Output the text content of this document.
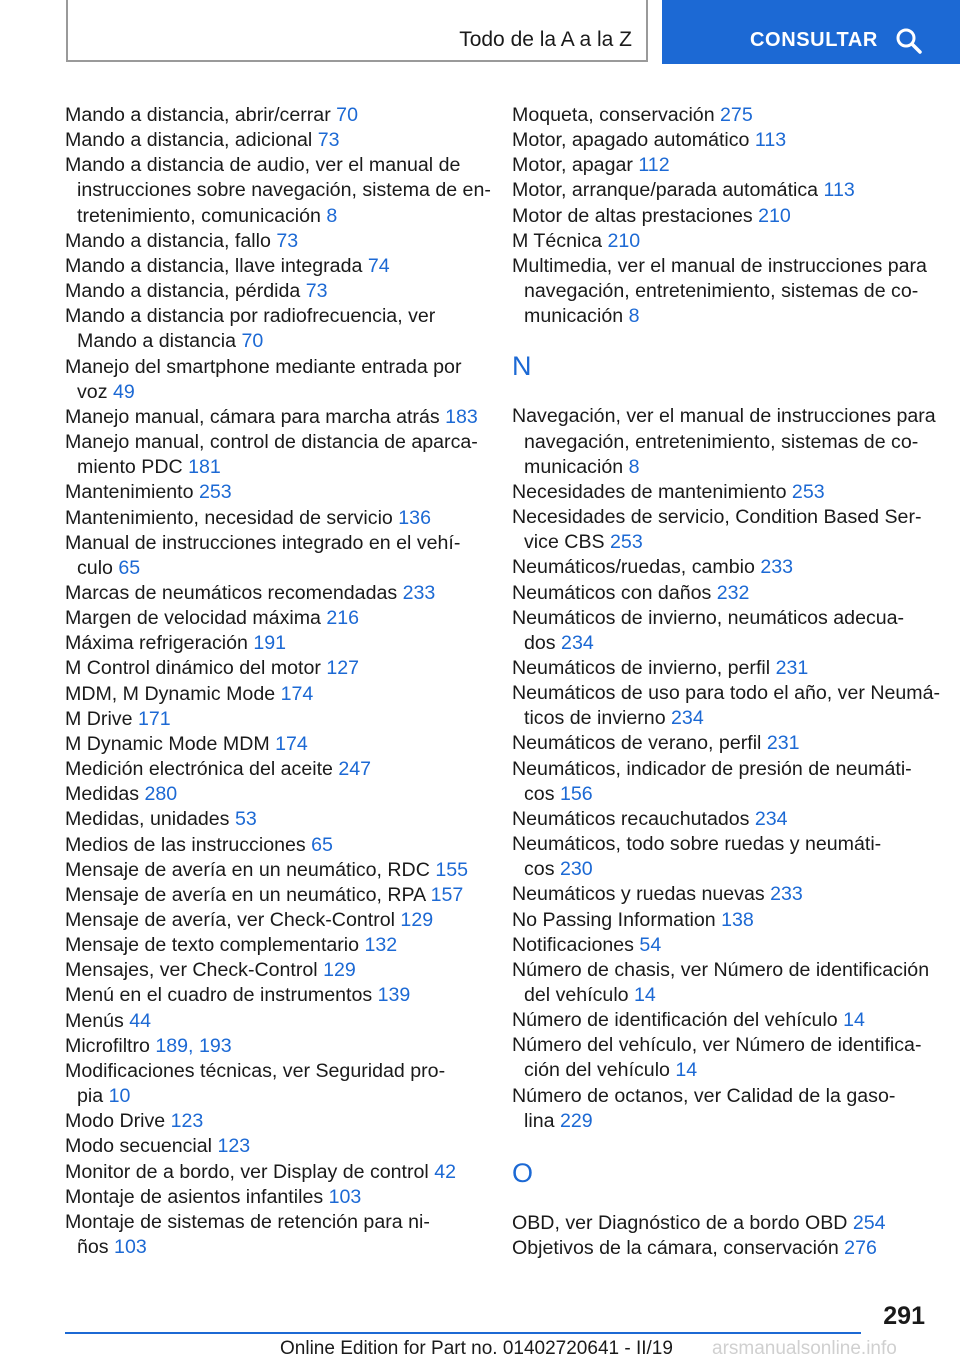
Todo de la A a la Z	CONSULTAR
Mando a distancia, abrir/cerrar 70
Mando a distancia, adicional 73
Mando a distancia de audio, ver el manual de
instrucciones sobre navegación, sistema de en-
tretenimiento, comunicación 8
Mando a distancia, fallo 73
Mando a distancia, llave integrada 74
Mando a distancia, pérdida 73
Mando a distancia por radiofrecuencia, ver
Mando a distancia 70
Manejo del smartphone mediante entrada por
voz 49
Manejo manual, cámara para marcha atrás 183
Manejo manual, control de distancia de aparca-
miento PDC 181
Mantenimiento 253
Mantenimiento, necesidad de servicio 136
Manual de instrucciones integrado en el vehí-
culo 65
Marcas de neumáticos recomendadas 233
Margen de velocidad máxima 216
Máxima refrigeración 191
M Control dinámico del motor 127
MDM, M Dynamic Mode 174
M Drive 171
M Dynamic Mode MDM 174
Medición electrónica del aceite 247
Medidas 280
Medidas, unidades 53
Medios de las instrucciones 65
Mensaje de avería en un neumático, RDC 155
Mensaje de avería en un neumático, RPA 157
Mensaje de avería, ver Check-Control 129
Mensaje de texto complementario 132
Mensajes, ver Check-Control 129
Menú en el cuadro de instrumentos 139
Menús 44
Microfiltro 189, 193
Modificaciones técnicas, ver Seguridad pro-
pia 10
Modo Drive 123
Modo secuencial 123
Monitor de a bordo, ver Display de control 42
Montaje de asientos infantiles 103
Montaje de sistemas de retención para ni-
ños 103
Moqueta, conservación 275
Motor, apagado automático 113
Motor, apagar 112
Motor, arranque/parada automática 113
Motor de altas prestaciones 210
M Técnica 210
Multimedia, ver el manual de instrucciones para
navegación, entretenimiento, sistemas de co-
municación 8
N
Navegación, ver el manual de instrucciones para
navegación, entretenimiento, sistemas de co-
municación 8
Necesidades de mantenimiento 253
Necesidades de servicio, Condition Based Ser-
vice CBS 253
Neumáticos/ruedas, cambio 233
Neumáticos con daños 232
Neumáticos de invierno, neumáticos adecua-
dos 234
Neumáticos de invierno, perfil 231
Neumáticos de uso para todo el año, ver Neumá-
ticos de invierno 234
Neumáticos de verano, perfil 231
Neumáticos, indicador de presión de neumáti-
cos 156
Neumáticos recauchutados 234
Neumáticos, todo sobre ruedas y neumáti-
cos 230
Neumáticos y ruedas nuevas 233
No Passing Information 138
Notificaciones 54
Número de chasis, ver Número de identificación
del vehículo 14
Número de identificación del vehículo 14
Número del vehículo, ver Número de identifica-
ción del vehículo 14
Número de octanos, ver Calidad de la gaso-
lina 229
O
OBD, ver Diagnóstico de a bordo OBD 254
Objetivos de la cámara, conservación 276
291
Online Edition for Part no. 01402720641 - II/19 arsmanualsonline.info
